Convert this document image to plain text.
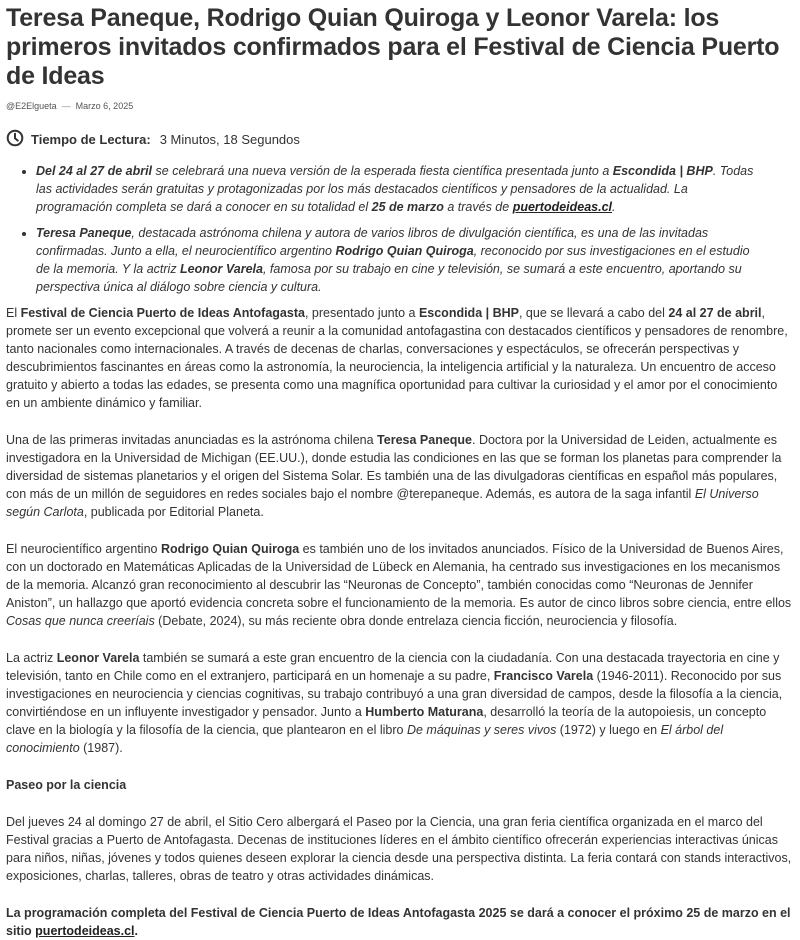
Teresa Paneque, Rodrigo Quian Quiroga y Leonor Varela: los primeros invitados confirmados para el Festival de Ciencia Puerto de Ideas
@E2Elgueta — Marzo 6, 2025
Tiempo de Lectura: 3 Minutos, 18 Segundos
• Del 24 al 27 de abril se celebrará una nueva versión de la esperada fiesta científica presentada junto a Escondida | BHP. Todas las actividades serán gratuitas y protagonizadas por los más destacados científicos y pensadores de la actualidad. La programación completa se dará a conocer en su totalidad el 25 de marzo a través de puertodeideas.cl.
• Teresa Paneque, destacada astrónoma chilena y autora de varios libros de divulgación científica, es una de las invitadas confirmadas. Junto a ella, el neurocientífico argentino Rodrigo Quian Quiroga, reconocido por sus investigaciones en el estudio de la memoria. Y la actriz Leonor Varela, famosa por su trabajo en cine y televisión, se sumará a este encuentro, aportando su perspectiva única al diálogo sobre ciencia y cultura.

El Festival de Ciencia Puerto de Ideas Antofagasta, presentado junto a Escondida | BHP, que se llevará a cabo del 24 al 27 de abril, promete ser un evento excepcional que volverá a reunir a la comunidad antofagastina con destacados científicos y pensadores de renombre, tanto nacionales como internacionales. A través de decenas de charlas, conversaciones y espectáculos, se ofrecerán perspectivas y descubrimientos fascinantes en áreas como la astronomía, la neurociencia, la inteligencia artificial y la naturaleza. Un encuentro de acceso gratuito y abierto a todas las edades, se presenta como una magnífica oportunidad para cultivar la curiosidad y el amor por el conocimiento en un ambiente dinámico y familiar.

Una de las primeras invitadas anunciadas es la astrónoma chilena Teresa Paneque. Doctora por la Universidad de Leiden, actualmente es investigadora en la Universidad de Michigan (EE.UU.), donde estudia las condiciones en las que se forman los planetas para comprender la diversidad de sistemas planetarios y el origen del Sistema Solar. Es también una de las divulgadoras científicas en español más populares, con más de un millón de seguidores en redes sociales bajo el nombre @terepaneque. Además, es autora de la saga infantil El Universo según Carlota, publicada por Editorial Planeta.

El neurocientífico argentino Rodrigo Quian Quiroga es también uno de los invitados anunciados. Físico de la Universidad de Buenos Aires, con un doctorado en Matemáticas Aplicadas de la Universidad de Lübeck en Alemania, ha centrado sus investigaciones en los mecanismos de la memoria. Alcanzó gran reconocimiento al descubrir las “Neuronas de Concepto”, también conocidas como “Neuronas de Jennifer Aniston”, un hallazgo que aportó evidencia concreta sobre el funcionamiento de la memoria. Es autor de cinco libros sobre ciencia, entre ellos Cosas que nunca creeríais (Debate, 2024), su más reciente obra donde entrelaza ciencia ficción, neurociencia y filosofía.

La actriz Leonor Varela también se sumará a este gran encuentro de la ciencia con la ciudadanía. Con una destacada trayectoria en cine y televisión, tanto en Chile como en el extranjero, participará en un homenaje a su padre, Francisco Varela (1946-2011). Reconocido por sus investigaciones en neurociencia y ciencias cognitivas, su trabajo contribuyó a una gran diversidad de campos, desde la filosofía a la ciencia, convirtiéndose en un influyente investigador y pensador. Junto a Humberto Maturana, desarrolló la teoría de la autopoiesis, un concepto clave en la biología y la filosofía de la ciencia, que plantearon en el libro De máquinas y seres vivos (1972) y luego en El árbol del conocimiento (1987).

Paseo por la ciencia

Del jueves 24 al domingo 27 de abril, el Sitio Cero albergará el Paseo por la Ciencia, una gran feria científica organizada en el marco del Festival gracias a Puerto de Antofagasta. Decenas de instituciones líderes en el ámbito científico ofrecerán experiencias interactivas únicas para niños, niñas, jóvenes y todos quienes deseen explorar la ciencia desde una perspectiva distinta. La feria contará con stands interactivos, exposiciones, charlas, talleres, obras de teatro y otras actividades dinámicas.

La programación completa del Festival de Ciencia Puerto de Ideas Antofagasta 2025 se dará a conocer el próximo 25 de marzo en el sitio puertodeideas.cl.
